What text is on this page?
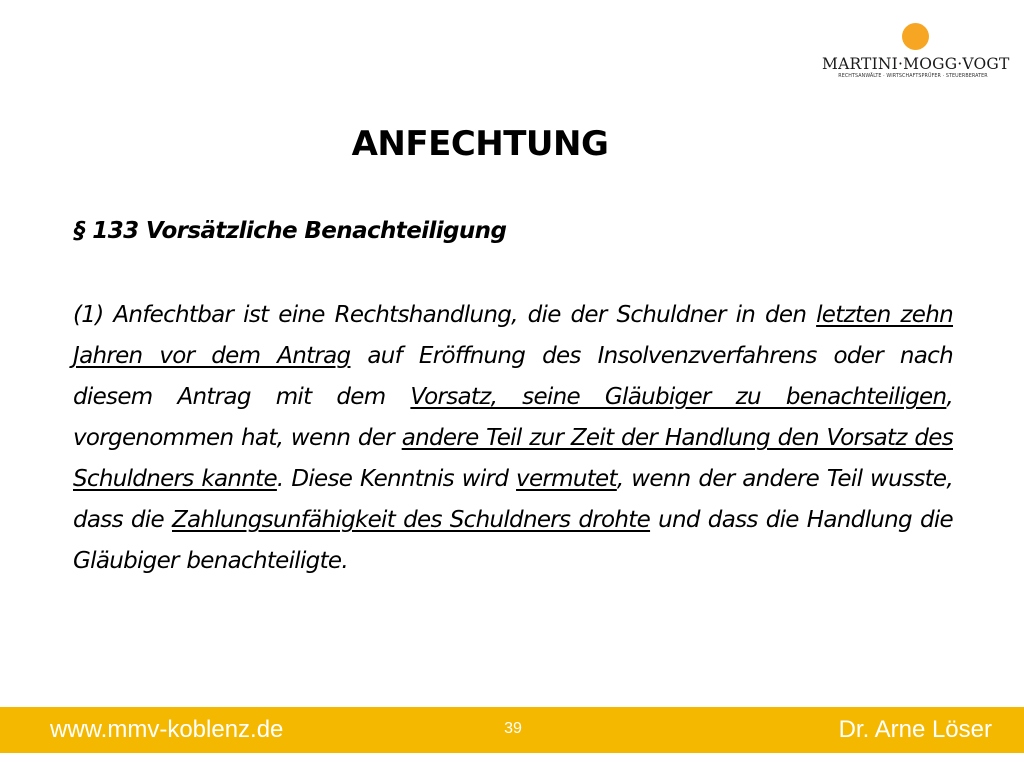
MARTINI·MOGG·VOGT
RECHTSANWÄLTE · WIRTSCHAFTSPRÜFER · STEUERBERATER
ANFECHTUNG
§ 133 Vorsätzliche Benachteiligung
(1) Anfechtbar ist eine Rechtshandlung, die der Schuldner in den letzten zehn Jahren vor dem Antrag auf Eröffnung des Insolvenzverfahrens oder nach diesem Antrag mit dem Vorsatz, seine Gläubiger zu benachteiligen, vorgenommen hat, wenn der andere Teil zur Zeit der Handlung den Vorsatz des Schuldners kannte. Diese Kenntnis wird vermutet, wenn der andere Teil wusste, dass die Zahlungsunfähigkeit des Schuldners drohte und dass die Handlung die Gläubiger benachteiligte.
www.mmv-koblenz.de	39	Dr. Arne Löser
